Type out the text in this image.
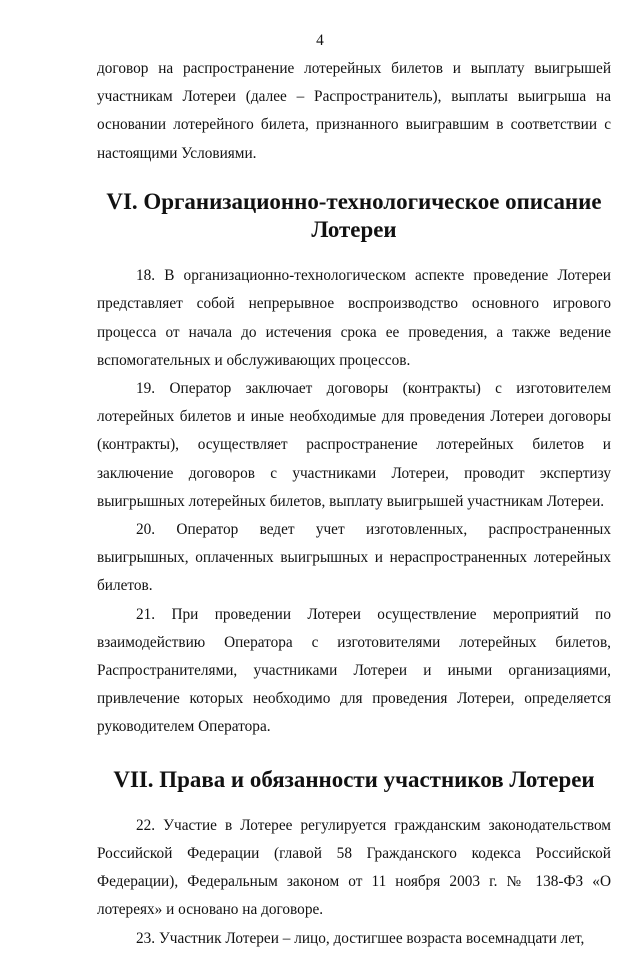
4

договор на распространение лотерейных билетов и выплату выигрышей участникам Лотереи (далее – Распространитель), выплаты выигрыша на основании лотерейного билета, признанного выигравшим в соответствии с настоящими Условиями.

VI. Организационно-технологическое описание Лотереи

18. В организационно-технологическом аспекте проведение Лотереи представляет собой непрерывное воспроизводство основного игрового процесса от начала до истечения срока ее проведения, а также ведение вспомогательных и обслуживающих процессов.

19. Оператор заключает договоры (контракты) с изготовителем лотерейных билетов и иные необходимые для проведения Лотереи договоры (контракты), осуществляет распространение лотерейных билетов и заключение договоров с участниками Лотереи, проводит экспертизу выигрышных лотерейных билетов, выплату выигрышей участникам Лотереи.

20. Оператор ведет учет изготовленных, распространенных выигрышных, оплаченных выигрышных и нераспространенных лотерейных билетов.

21. При проведении Лотереи осуществление мероприятий по взаимодействию Оператора с изготовителями лотерейных билетов, Распространителями, участниками Лотереи и иными организациями, привлечение которых необходимо для проведения Лотереи, определяется руководителем Оператора.

VII. Права и обязанности участников Лотереи

22. Участие в Лотерее регулируется гражданским законодательством Российской Федерации (главой 58 Гражданского кодекса Российской Федерации), Федеральным законом от 11 ноября 2003 г. № 138-ФЗ «О лотереях» и основано на договоре.

23. Участник Лотереи – лицо, достигшее возраста восемнадцати лет,
